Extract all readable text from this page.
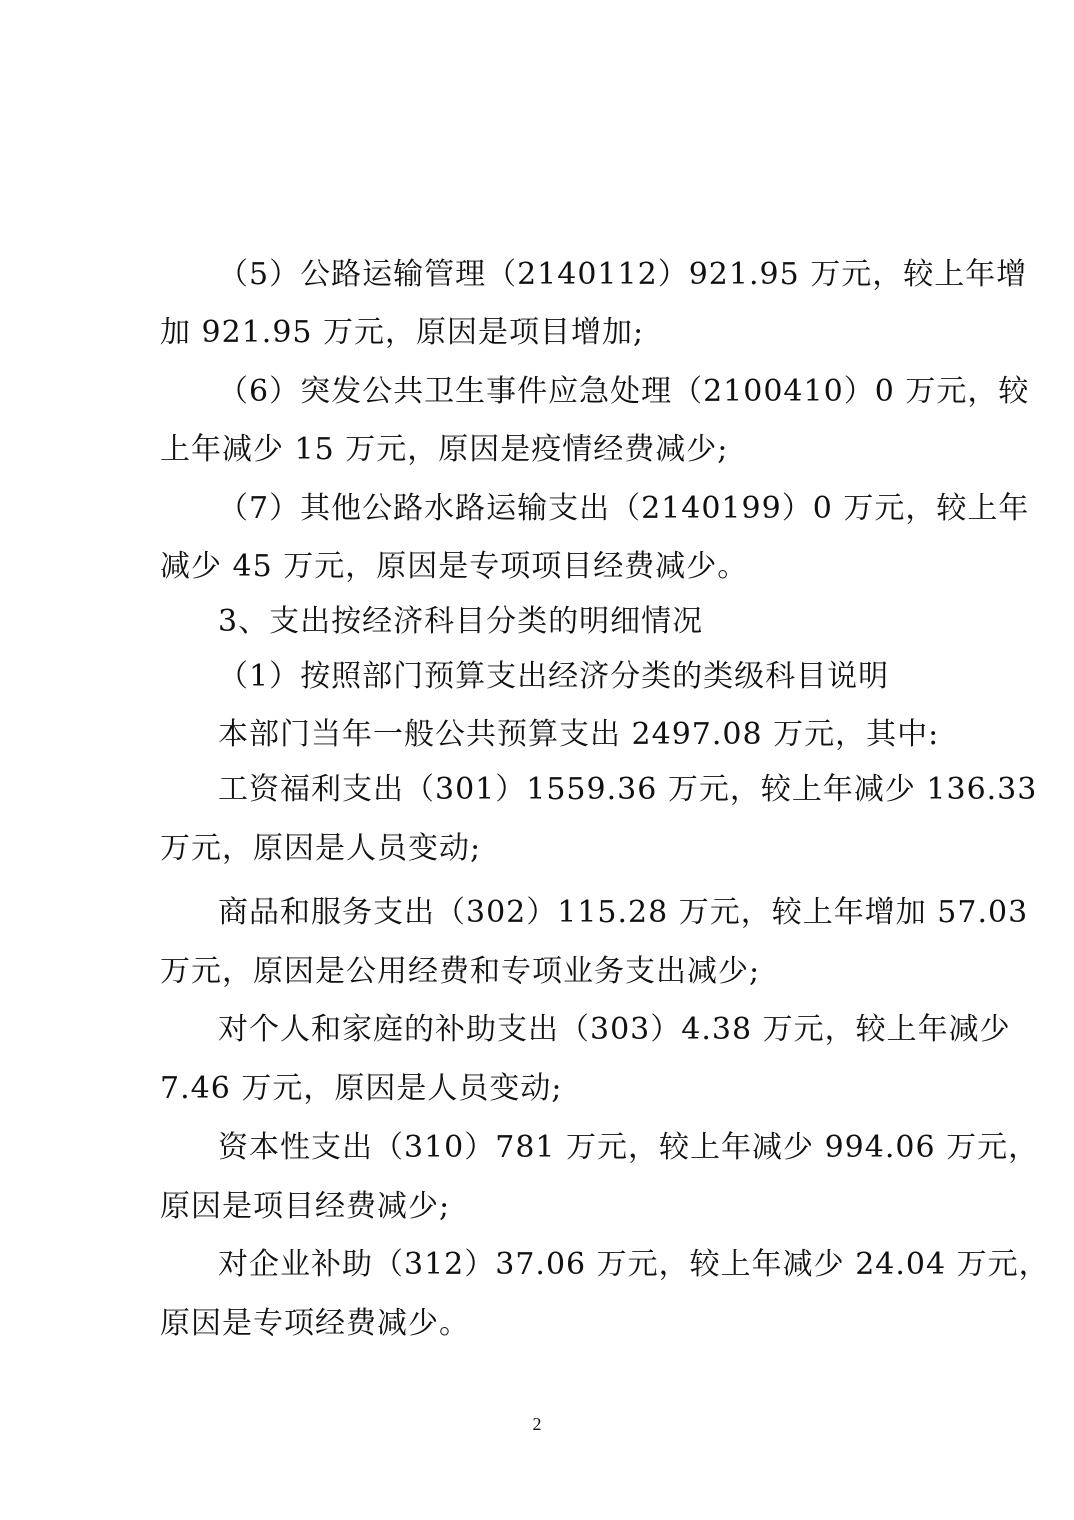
（5）公路运输管理（2140112）921.95 万元，较上年增
加 921.95 万元，原因是项目增加;
（6）突发公共卫生事件应急处理（2100410）0 万元，较
上年减少 15 万元，原因是疫情经费减少;
（7）其他公路水路运输支出（2140199）0 万元，较上年
减少 45 万元，原因是专项项目经费减少。
3、支出按经济科目分类的明细情况
（1）按照部门预算支出经济分类的类级科目说明
本部门当年一般公共预算支出 2497.08 万元，其中:
工资福利支出（301）1559.36 万元，较上年减少 136.33
万元，原因是人员变动;
商品和服务支出（302）115.28 万元，较上年增加 57.03
万元，原因是公用经费和专项业务支出减少;
对个人和家庭的补助支出（303）4.38 万元，较上年减少
7.46 万元，原因是人员变动;
资本性支出（310）781 万元，较上年减少 994.06 万元，
原因是项目经费减少;
对企业补助（312）37.06 万元，较上年减少 24.04 万元，
原因是专项经费减少。
2
